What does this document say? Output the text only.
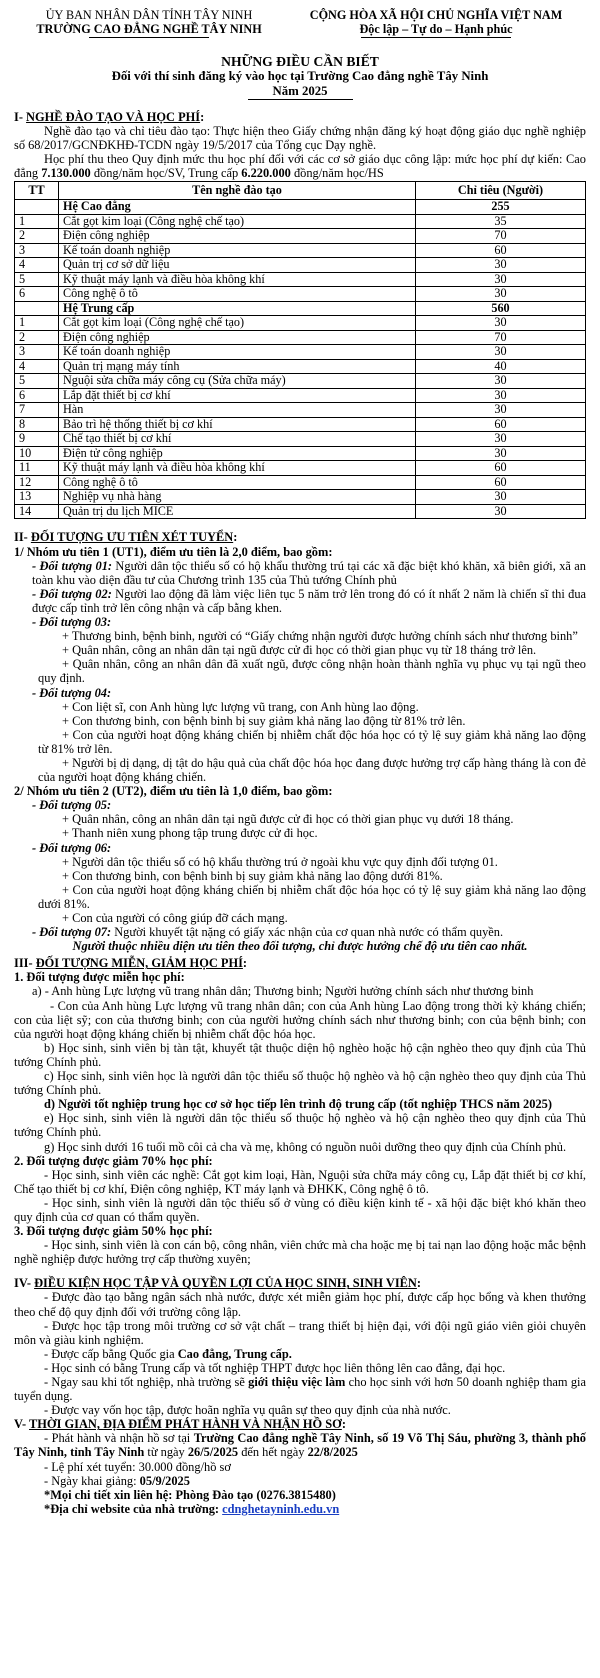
ỦY BAN NHÂN DÂN TỈNH TÂY NINH
TRƯỜNG CAO ĐẲNG NGHỀ TÂY NINH
CỘNG HÒA XÃ HỘI CHỦ NGHĨA VIỆT NAM
Độc lập – Tự do – Hạnh phúc
NHỮNG ĐIỀU CẦN BIẾT
Đối với thí sinh đăng ký vào học tại Trường Cao đẳng nghề Tây Ninh
Năm 2025
I- NGHỀ ĐÀO TẠO VÀ HỌC PHÍ:

Nghề đào tạo và chỉ tiêu đào tạo: Thực hiện theo Giấy chứng nhận đăng ký hoạt động giáo dục nghề nghiệp số 68/2017/GCNĐKHĐ-TCDN ngày 19/5/2017 của Tổng cục Dạy nghề.

Học phí thu theo Quy định mức thu học phí đối với các cơ sở giáo dục công lập: mức học phí dự kiến: Cao đẳng 7.130.000 đồng/năm học/SV, Trung cấp 6.220.000 đồng/năm học/HS

TT	Tên nghề đào tạo	Chỉ tiêu (Người)
	Hệ Cao đẳng	255
1	Cắt gọt kim loại (Công nghệ chế tạo)	35
2	Điện công nghiệp	70
3	Kế toán doanh nghiệp	60
4	Quản trị cơ sở dữ liệu	30
5	Kỹ thuật máy lạnh và điều hòa không khí	30
6	Công nghệ ô tô	30
	Hệ Trung cấp	560
1	Cắt gọt kim loại (Công nghệ chế tạo)	30
2	Điện công nghiệp	70
3	Kế toán doanh nghiệp	30
4	Quản trị mạng máy tính	40
5	Nguội sửa chữa máy công cụ (Sửa chữa máy)	30
6	Lắp đặt thiết bị cơ khí	30
7	Hàn	30
8	Bảo trì hệ thống thiết bị cơ khí	60
9	Chế tạo thiết bị cơ khí	30
10	Điện tử công nghiệp	30
11	Kỹ thuật máy lạnh và điều hòa không khí	60
12	Công nghệ ô tô	60
13	Nghiệp vụ nhà hàng	30
14	Quản trị du lịch MICE	30
II- ĐỐI TƯỢNG ƯU TIÊN XÉT TUYỂN:
1/ Nhóm ưu tiên 1 (UT1), điểm ưu tiên là 2,0 điểm, bao gồm:

- Đối tượng 01: Người dân tộc thiểu số có hộ khẩu thường trú tại các xã đặc biệt khó khăn, xã biên giới, xã an toàn khu vào diện đầu tư của Chương trình 135 của Thủ tướng Chính phủ

- Đối tượng 02: Người lao động đã làm việc liên tục 5 năm trở lên trong đó có ít nhất 2 năm là chiến sĩ thi đua được cấp tỉnh trở lên công nhận và cấp bằng khen.

- Đối tượng 03:

+ Thương binh, bệnh binh, người có “Giấy chứng nhận người được hưởng chính sách như thương binh”

+ Quân nhân, công an nhân dân tại ngũ được cử đi học có thời gian phục vụ từ 18 tháng trở lên.

+ Quân nhân, công an nhân dân đã xuất ngũ, được công nhận hoàn thành nghĩa vụ phục vụ tại ngũ theo quy định.

- Đối tượng 04:

+ Con liệt sĩ, con Anh hùng lực lượng vũ trang, con Anh hùng lao động.

+ Con thương binh, con bệnh binh bị suy giảm khả năng lao động từ 81% trở lên.

+ Con của người hoạt động kháng chiến bị nhiễm chất độc hóa học có tỷ lệ suy giảm khả năng lao động từ 81% trở lên.

+ Người bị dị dạng, dị tật do hậu quả của chất độc hóa học đang được hưởng trợ cấp hàng tháng là con đẻ của người hoạt động kháng chiến.

2/ Nhóm ưu tiên 2 (UT2), điểm ưu tiên là 1,0 điểm, bao gồm:
- Đối tượng 05:

+ Quân nhân, công an nhân dân tại ngũ được cử đi học có thời gian phục vụ dưới 18 tháng.

+ Thanh niên xung phong tập trung được cử đi học.

- Đối tượng 06:

+ Người dân tộc thiểu số có hộ khẩu thường trú ở ngoài khu vực quy định đối tượng 01.

+ Con thương binh, con bệnh binh bị suy giảm khả năng lao động dưới 81%.

+ Con của người hoạt động kháng chiến bị nhiễm chất độc hóa học có tỷ lệ suy giảm khả năng lao động dưới 81%.

+ Con của người có công giúp đỡ cách mạng.

- Đối tượng 07: Người khuyết tật nặng có giấy xác nhận của cơ quan nhà nước có thẩm quyền.

Người thuộc nhiều diện ưu tiên theo đối tượng, chỉ được hưởng chế độ ưu tiên cao nhất.
III- ĐỐI TƯỢNG MIỄN, GIẢM HỌC PHÍ:
1. Đối tượng được miễn học phí:

a) - Anh hùng Lực lượng vũ trang nhân dân; Thương binh; Người hưởng chính sách như thương binh

- Con của Anh hùng Lực lượng vũ trang nhân dân; con của Anh hùng Lao động trong thời kỳ kháng chiến; con của liệt sỹ; con của thương binh; con của người hưởng chính sách như thương binh; con của bệnh binh; con của người hoạt động kháng chiến bị nhiễm chất độc hóa học.

b) Học sinh, sinh viên bị tàn tật, khuyết tật thuộc diện hộ nghèo hoặc hộ cận nghèo theo quy định của Thủ tướng Chính phủ.

c) Học sinh, sinh viên học là người dân tộc thiểu số thuộc hộ nghèo và hộ cận nghèo theo quy định của Thủ tướng Chính phủ.

d) Người tốt nghiệp trung học cơ sở học tiếp lên trình độ trung cấp (tốt nghiệp THCS năm 2025)

e) Học sinh, sinh viên là người dân tộc thiểu số thuộc hộ nghèo và hộ cận nghèo theo quy định của Thủ tướng Chính phủ.

g) Học sinh dưới 16 tuổi mồ côi cả cha và mẹ, không có nguồn nuôi dưỡng theo quy định của Chính phủ.

2. Đối tượng được giảm 70% học phí:

- Học sinh, sinh viên các nghề: Cắt gọt kim loại, Hàn, Nguội sửa chữa máy công cụ, Lắp đặt thiết bị cơ khí, Chế tạo thiết bị cơ khí, Điện công nghiệp, KT máy lạnh và ĐHKK, Công nghệ ô tô.

- Học sinh, sinh viên là người dân tộc thiểu số ở vùng có điều kiện kinh tế - xã hội đặc biệt khó khăn theo quy định của cơ quan có thẩm quyền.

3. Đối tượng được giảm 50% học phí:

- Học sinh, sinh viên là con cán bộ, công nhân, viên chức mà cha hoặc mẹ bị tai nạn lao động hoặc mắc bệnh nghề nghiệp được hưởng trợ cấp thường xuyên;

IV- ĐIỀU KIỆN HỌC TẬP VÀ QUYỀN LỢI CỦA HỌC SINH, SINH VIÊN:

- Được đào tạo bằng ngân sách nhà nước, được xét miễn giảm học phí, được cấp học bổng và khen thưởng theo chế độ quy định đối với trường công lập.

- Được học tập trong môi trường cơ sở vật chất – trang thiết bị hiện đại, với đội ngũ giáo viên giỏi chuyên môn và giàu kinh nghiệm.

- Được cấp bằng Quốc gia Cao đẳng, Trung cấp.

- Học sinh có bằng Trung cấp và tốt nghiệp THPT được học liên thông lên cao đẳng, đại học.

- Ngay sau khi tốt nghiệp, nhà trường sẽ giới thiệu việc làm cho học sinh với hơn 50 doanh nghiệp tham gia tuyển dụng.

- Được vay vốn học tập, được hoãn nghĩa vụ quân sự theo quy định của nhà nước.

V- THỜI GIAN, ĐỊA ĐIỂM PHÁT HÀNH VÀ NHẬN HỒ SƠ:

- Phát hành và nhận hồ sơ tại Trường Cao đẳng nghề Tây Ninh, số 19 Võ Thị Sáu, phường 3, thành phố Tây Ninh, tỉnh Tây Ninh từ ngày 26/5/2025 đến hết ngày 22/8/2025

- Lệ phí xét tuyển: 30.000 đồng/hồ sơ

- Ngày khai giảng: 05/9/2025

*Mọi chi tiết xin liên hệ: Phòng Đào tạo (0276.3815480)

*Địa chỉ website của nhà trường: cdnghetayninh.edu.vn
